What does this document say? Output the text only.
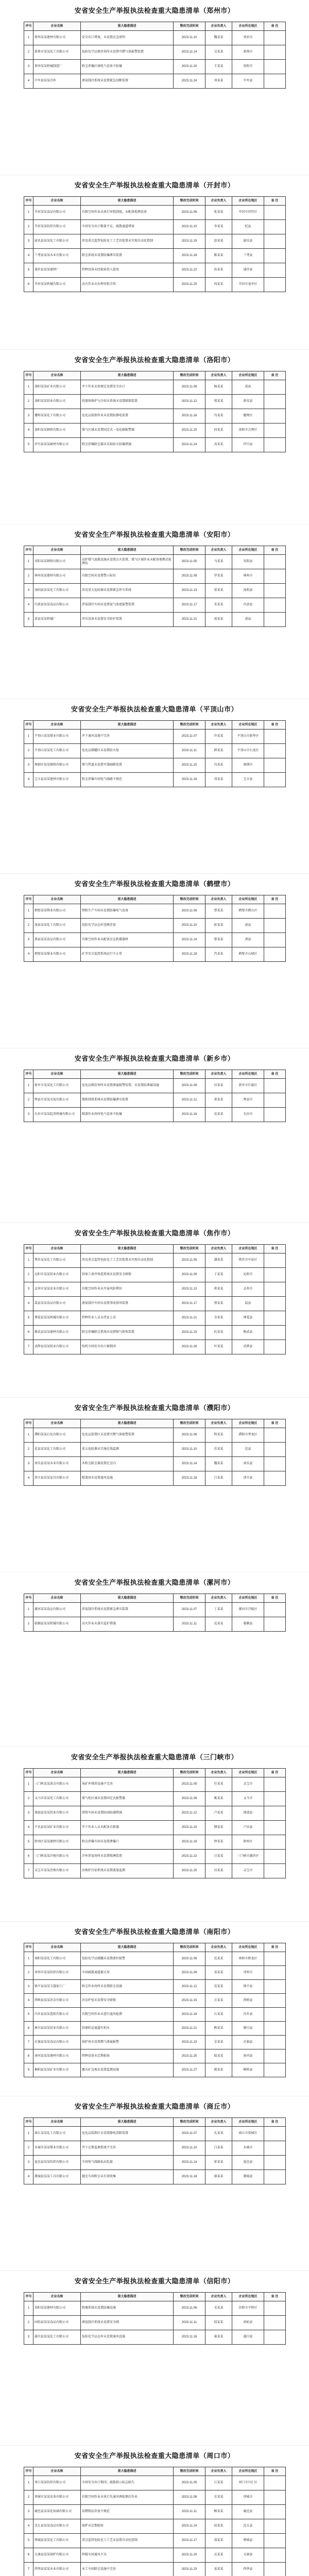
安省安全生产举报执法检查重大隐患清单（郑州市）
序号	企业名称	重大隐患描述	整改完成时间	企业负责人	企业所在地区	备 注
1	郑州某某建材有限公司	安全出口堵塞，未设置应急照明	2023.11.10	魏某某	登封市	
2	新郑市某某化工有限公司	危险化学品储存场所未设置可燃气体报警装置	2023.11.14	吴某某	新郑市	
3	郑州某某机械制造厂	粉尘涉爆区域电气设备不防爆	2023.11.20	王某某	荥阳市	
4	中牟县某某冷库	液氨制冷系统未设置紧急切断装置	2023.11.24	刘某某	中牟县	
安省安全生产举报执法检查重大隐患清单（开封市）
序号	企业名称	重大隐患描述	整改完成时间	企业负责人	企业所在地区	备 注
1	开封某某食品有限公司	有限空间作业未执行审批制度，未配备检测设备	2023.11.06	张某某	开封市祥符区	
2	开封某某纺织有限公司	车间安全出口数量不足，疏散通道堵塞	2023.11.10	李某某	杞县	
3	尉氏县某某化工有限公司	涉及重点监管危险化工工艺的装置未实现自动化控制	2023.11.15	赵某某	尉氏县	
4	兰考县某某木业有限公司	除尘系统未设置防爆泄压装置	2023.11.18	陈某某	兰考县	
5	通许县某某建材厂	特种设备未经检验投入使用	2023.11.22	孙某某	通许县	
6	开封某某机械有限公司	动火作业未办理审批手续	2023.11.25	周某某	开封市龙亭区	
安省安全生产举报执法检查重大隐患清单（洛阳市）
序号	企业名称	重大隐患描述	整改完成时间	企业负责人	企业所在地区	备 注
1	洛阳某某矿业有限公司	井下作业未按规定设置安全出口	2023.11.08	杨某某	嵩县	
2	洛阳某某铝业有限公司	铝液熔炼炉与冷却水系统未设置联锁装置	2023.11.12	郑某某	新安县	
3	偃师某某化工有限公司	危化品装卸作业未设置防静电装置	2023.11.16	冯某某	偃师区	
4	洛阳某某钢铁有限公司	煤气区域未设置固定式一氧化碳报警器	2023.11.20	何某某	洛阳市吉利区	
5	伊川县某某耐材有限公司	粉尘涉爆除尘器未采取防火防爆措施	2023.11.24	高某某	伊川县	
安省安全生产举报执法检查重大隐患清单（安阳市）
序号	企业名称	重大隐患描述	整改完成时间	企业负责人	企业所在地区	备 注
1	安阳某某钢铁有限公司	高炉煤气放散设施未设置点火装置，煤气区域作业未配备便携式检测仪	2023.11.05	马某某	安阳县	
2	林州某某建材有限公司	有限空间未设置警示标识	2023.11.09	罗某某	林州市	
3	汤阴县某某化工有限公司	涉及重大危险源未设置紧急停车系统	2023.11.13	梁某某	汤阴县	
4	内黄县某某食品有限公司	涉氨制冷车间未设置氨气浓度报警装置	2023.11.17	宋某某	内黄县	
5	滑县某某机械厂	冲压设备未设置安全防护装置	2023.11.21	唐某某	滑县	
安省安全生产举报执法检查重大隐患清单（平顶山市）
序号	企业名称	重大隐患描述	整改完成时间	企业负责人	企业所在地区	备 注
1	平顶山某某煤业有限公司	井下通风设施不完善	2023.11.07	许某某	平顶山市新华区	
2	平顶山某某化工有限公司	危化品储罐区未设置防火堤	2023.11.11	韩某某	平顶山市石龙区	
3	舞钢市某某钢铁有限公司	煤气管道未设置可靠隔断装置	2023.11.15	冯某某	舞钢市	
4	宝丰县某某建材有限公司	粉尘涉爆车间电气线路不规范	2023.11.19	邓某某	宝丰县	
安省安全生产举报执法检查重大隐患清单（鹤壁市）
序号	企业名称	重大隐患描述	整改完成时间	企业负责人	企业所在地区	备 注
1	鹤壁某某镁业有限公司	镁粉生产车间未设置防爆电气设备	2023.11.06	曹某某	鹤壁市鹤山区	
2	浚县某某化工有限公司	危险化学品仓库违规存放	2023.11.10	彭某某	浚县	
3	淇县某某食品有限公司	有限空间作业未配备应急救援器材	2023.11.14	曾某某	淇县	
4	鹤壁某某煤业有限公司	矿井安全监控系统运行不正常	2023.11.18	肖某某	鹤壁市山城区	
安省安全生产举报执法检查重大隐患清单（新乡市）
序号	企业名称	重大隐患描述	整改完成时间	企业负责人	企业所在地区	备 注
1	新乡市某某化工有限公司	危化品储存场所未设置泄漏报警装置，未设置防泄漏设施	2023.11.08	田某某	新乡市红旗区	
2	辉县市某某水泥有限公司	煤粉制备系统未设置防爆泄压装置	2023.11.12	董某某	辉县市	
3	长垣市某某起重机械有限公司	喷漆作业场所电气设备不防爆	2023.11.16	袁某某	长垣市	
安省安全生产举报执法检查重大隐患清单（焦作市）
序号	企业名称	重大隐患描述	整改完成时间	企业负责人	企业所在地区	备 注
1	焦作某某化工有限公司	涉及重点监管危险化工工艺的装置未实现自动化控制	2023.11.05	潘某某	焦作市中站区	
2	沁阳市某某铝业有限公司	铝加工深井铸造系统未设置安全联锁	2023.11.09	于某某	沁阳市	
3	孟州市某某皮业有限公司	有限空间作业未开展风险辨识	2023.11.13	蒋某某	孟州市	
4	温县某某食品有限公司	液氨制冷车间未设置事故排风装置	2023.11.17	蔡某某	温县	
5	博爱县某某机械有限公司	特种作业人员未持证上岗	2023.11.21	余某某	博爱县	
6	修武县某某建材有限公司	粉尘涉爆除尘系统未设置锁气卸灰装置	2023.11.23	杜某某	修武县	
7	武陟县某某纸业有限公司	纸机车间安全出口被锁闭	2023.11.26	叶某某	武陟县	
安省安全生产举报执法检查重大隐患清单（濮阳市）
序号	企业名称	重大隐患描述	整改完成时间	企业负责人	企业所在地区	备 注
1	濮阳某某石化有限公司	危化品装置区未设置可燃气体报警装置	2023.11.06	程某某	濮阳市华龙区	
2	范县某某化工有限公司	重大危险源未实施在线监测	2023.11.10	苏某某	范县	
3	南乐县某某木业有限公司	木粉尘除尘器设置在室内	2023.11.14	魏某某	南乐县	
4	清丰县某某家具有限公司	喷漆房未设置通风设施	2023.11.18	吕某某	清丰县	
安省安全生产举报执法检查重大隐患清单（漯河市）
序号	企业名称	重大隐患描述	整改完成时间	企业负责人	企业所在地区	备 注
1	漯河某某食品有限公司	涉氨制冷系统未设置紧急泄压装置	2023.11.07	丁某某	漯河市召陵区	
2	临颍县某某机械有限公司	动火作业未落实监护措施	2023.11.11	沈某某	临颍县	
安省安全生产举报执法检查重大隐患清单（三门峡市）
序号	企业名称	重大隐患描述	整改完成时间	企业负责人	企业所在地区	备 注
1	三门峡某某黄金有限公司	尾矿库排洪设施不完善	2023.11.05	任某某	灵宝市	
2	义马市某某化工有限公司	煤气柜区域未设置固定式报警器	2023.11.08	姚某某	义马市	
3	渑池县某某铝业有限公司	熔铸车间未设置防雨防潮措施	2023.11.12	卢某某	渑池县	
4	卢氏县某某矿业有限公司	井下作业人员未配备自救器	2023.11.15	傅某某	卢氏县	
5	陕州区某某建材有限公司	粉尘涉爆车间未设置泄爆口	2023.11.19	钟某某	陕州区	
6	三门峡某某冷链有限公司	冷库涉氨场所未设置喷淋装置	2023.11.22	汪某某	三门峡市湖滨区	
7	灵宝市某某冶炼有限公司	冶炼炉冷却系统未设置流量监测	2023.11.25	田某某	灵宝市	
安省安全生产举报执法检查重大隐患清单（南阳市）
序号	企业名称	重大隐患描述	整改完成时间	企业负责人	企业所在地区	备 注
1	南阳某某化工有限公司	危险化学品储罐未设置液位报警	2023.11.06	沈某某	南阳市卧龙区	
2	邓州市某某纺织有限公司	车间疏散通道被占用	2023.11.09	姜某某	邓州市	
3	镇平县某某玉器加工厂	粉尘作业场所未设置除尘设施	2023.11.12	范某某	镇平县	
4	西峡县某某冶金有限公司	冶金炉窑未设置安全联锁	2023.11.15	方某某	西峡县	
5	内乡县某某造纸有限公司	有限空间作业未进行通风检测	2023.11.18	石某某	内乡县	
6	淅川县某某铝业有限公司	铝液转运通道有积水	2023.11.21	熊某某	淅川县	
7	社旗县某某食品有限公司	锅炉房未设置燃气泄漏报警	2023.11.23	金某某	社旗县	
8	唐河县某某建材有限公司	特种设备未定期检验	2023.11.25	陆某某	唐河县	
9	桐柏县某某矿业有限公司	露天矿边坡未设置监测设施	2023.11.27	郝某某	桐柏县	
安省安全生产举报执法检查重大隐患清单（商丘市）
序号	企业名称	重大隐患描述	整改完成时间	企业负责人	企业所在地区	备 注
1	商丘某某化工有限公司	危化品装卸区未设置静电消除装置	2023.11.07	孔某某	商丘市梁园区	
2	永城市某某煤业有限公司	井下瓦斯监测系统不完善	2023.11.10	白某某	永城市	
3	夏邑县某某纺织有限公司	车间电气线路私拉乱接	2023.11.14	崔某某	夏邑县	
4	虞城县某某工具有限公司	抛光车间粉尘未有效收集	2023.11.18	康某某	虞城县	
安省安全生产举报执法检查重大隐患清单（信阳市）
序号	企业名称	重大隐患描述	整改完成时间	企业负责人	企业所在地区	备 注
1	信阳某某建材有限公司	粉磨系统未设置防爆设施	2023.11.06	毛某某	信阳市平桥区	
2	固始县某某食品有限公司	液氨制冷系统未设置安全阀	2023.11.11	邱某某	固始县	
3	潢川县某某化工有限公司	危险化学品仓库未设置通风设施	2023.11.16	秦某某	潢川县	
安省安全生产举报执法检查重大隐患清单（周口市）
序号	企业名称	重大隐患描述	整改完成时间	企业负责人	企业所在地区	备 注
1	周口某某纺织有限公司	车间安全出口锁闭，疏散指示标志缺失	2023.11.05	江某某	周口市川汇区	
2	项城市某某皮革有限公司	有限空间作业未执行先通风再检测后作业	2023.11.08	史某某	项城市	
3	鹿邑县某某化妆刷有限公司	易燃物品存放不规范	2023.11.11	顾某某	鹿邑县	
4	沈丘县某某食品有限公司	锅炉未定期检验	2023.11.14	侯某某	沈丘县	
5	郸城县某某化工有限公司	重点监管危险化工工艺未设置自动化控制	2023.11.17	邵某某	郸城县	
6	太康县某某锅炉有限公司	焊接车间通风不良	2023.11.20	孟某某	太康县	
7	西华县某某木业有限公司	木工车间除尘设施不完善	2023.11.23	龙某某	西华县	
